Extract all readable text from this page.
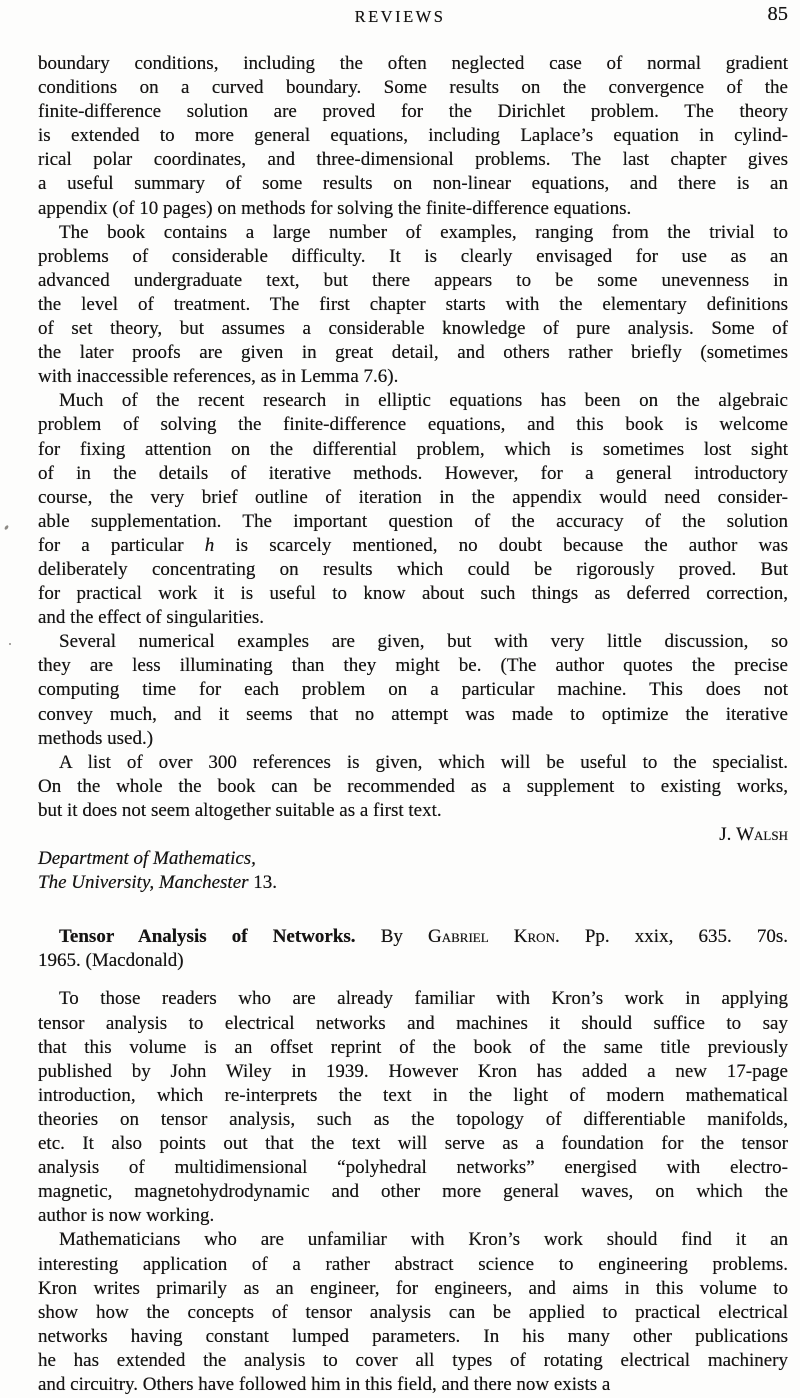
REVIEWS	85
boundary conditions, including the often neglected case of normal gradient
conditions on a curved boundary. Some results on the convergence of the
finite-difference solution are proved for the Dirichlet problem. The theory
is extended to more general equations, including Laplace’s equation in cylind-
rical polar coordinates, and three-dimensional problems. The last chapter gives
a useful summary of some results on non-linear equations, and there is an
appendix (of 10 pages) on methods for solving the finite-difference equations.
The book contains a large number of examples, ranging from the trivial to
problems of considerable difficulty. It is clearly envisaged for use as an
advanced undergraduate text, but there appears to be some unevenness in
the level of treatment. The first chapter starts with the elementary definitions
of set theory, but assumes a considerable knowledge of pure analysis. Some of
the later proofs are given in great detail, and others rather briefly (sometimes
with inaccessible references, as in Lemma 7.6).
Much of the recent research in elliptic equations has been on the algebraic
problem of solving the finite-difference equations, and this book is welcome
for fixing attention on the differential problem, which is sometimes lost sight
of in the details of iterative methods. However, for a general introductory
course, the very brief outline of iteration in the appendix would need consider-
able supplementation. The important question of the accuracy of the solution
for a particular h is scarcely mentioned, no doubt because the author was
deliberately concentrating on results which could be rigorously proved. But
for practical work it is useful to know about such things as deferred correction,
and the effect of singularities.
Several numerical examples are given, but with very little discussion, so
they are less illuminating than they might be. (The author quotes the precise
computing time for each problem on a particular machine. This does not
convey much, and it seems that no attempt was made to optimize the iterative
methods used.)
A list of over 300 references is given, which will be useful to the specialist.
On the whole the book can be recommended as a supplement to existing works,
but it does not seem altogether suitable as a first text.
J. Walsh
Department of Mathematics,
The University, Manchester 13.
Tensor Analysis of Networks. By Gabriel Kron. Pp. xxix, 635. 70s.
1965. (Macdonald)
To those readers who are already familiar with Kron’s work in applying
tensor analysis to electrical networks and machines it should suffice to say
that this volume is an offset reprint of the book of the same title previously
published by John Wiley in 1939. However Kron has added a new 17-page
introduction, which re-interprets the text in the light of modern mathematical
theories on tensor analysis, such as the topology of differentiable manifolds,
etc. It also points out that the text will serve as a foundation for the tensor
analysis of multidimensional “polyhedral networks” energised with electro-
magnetic, magnetohydrodynamic and other more general waves, on which the
author is now working.
Mathematicians who are unfamiliar with Kron’s work should find it an
interesting application of a rather abstract science to engineering problems.
Kron writes primarily as an engineer, for engineers, and aims in this volume to
show how the concepts of tensor analysis can be applied to practical electrical
networks having constant lumped parameters. In his many other publications
he has extended the analysis to cover all types of rotating electrical machinery
and circuitry. Others have followed him in this field, and there now exists a
